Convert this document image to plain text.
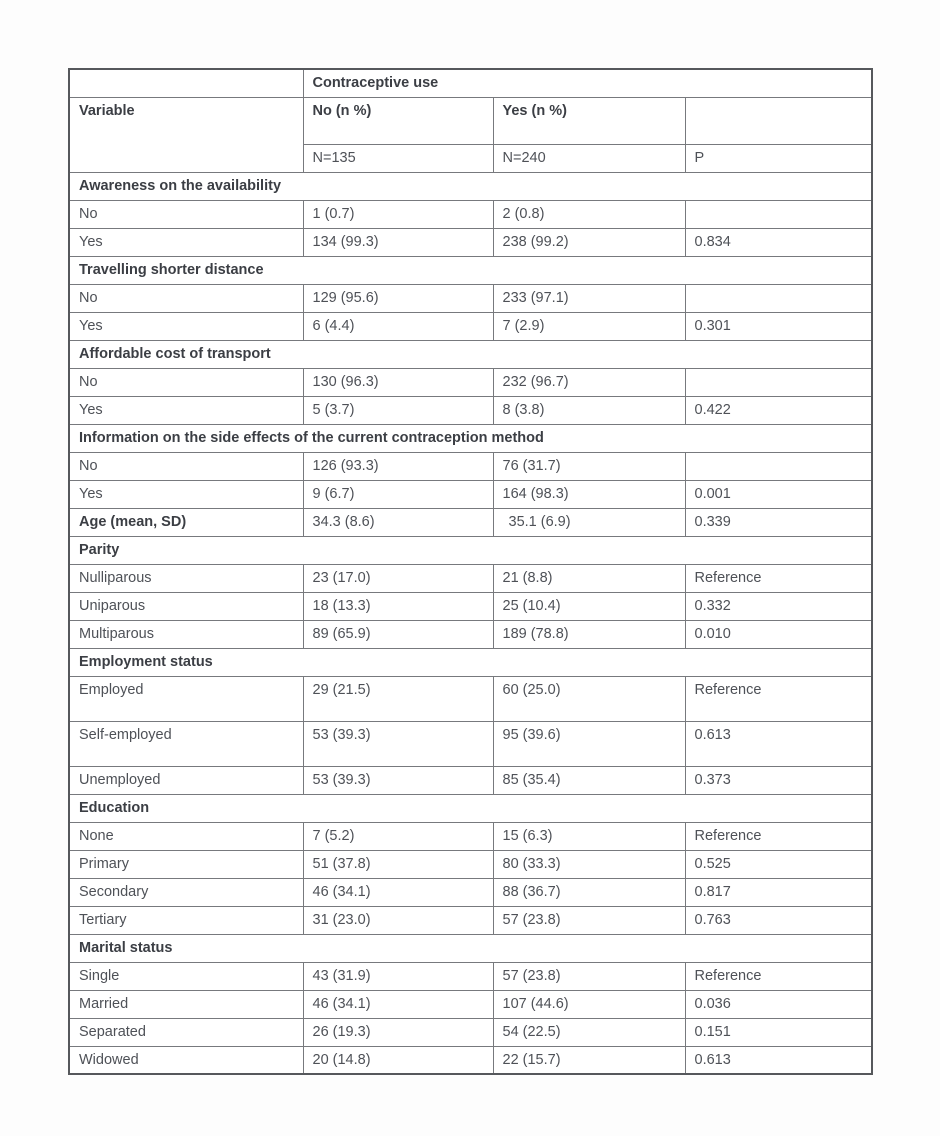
	Contraceptive use		
Variable	No (n %)	Yes (n %)	
	N=135	N=240	P
Awareness on the availability			
No	1 (0.7)	2 (0.8)	
Yes	134 (99.3)	238 (99.2)	0.834
Travelling shorter distance			
No	129 (95.6)	233 (97.1)	
Yes	6 (4.4)	7 (2.9)	0.301
Affordable cost of transport			
No	130 (96.3)	232 (96.7)	
Yes	5 (3.7)	8 (3.8)	0.422
Information on the side effects of the current contraception method			
No	126 (93.3)	76 (31.7)	
Yes	9 (6.7)	164 (98.3)	0.001
Age (mean, SD)	34.3 (8.6)	35.1 (6.9)	0.339
Parity			
Nulliparous	23 (17.0)	21 (8.8)	Reference
Uniparous	18 (13.3)	25 (10.4)	0.332
Multiparous	89 (65.9)	189 (78.8)	0.010
Employment status			
Employed	29 (21.5)	60 (25.0)	Reference
Self-employed	53 (39.3)	95 (39.6)	0.613
Unemployed	53 (39.3)	85 (35.4)	0.373
Education			
None	7 (5.2)	15 (6.3)	Reference
Primary	51 (37.8)	80 (33.3)	0.525
Secondary	46 (34.1)	88 (36.7)	0.817
Tertiary	31 (23.0)	57 (23.8)	0.763
Marital status			
Single	43 (31.9)	57 (23.8)	Reference
Married	46 (34.1)	107 (44.6)	0.036
Separated	26 (19.3)	54 (22.5)	0.151
Widowed	20 (14.8)	22 (15.7)	0.613
